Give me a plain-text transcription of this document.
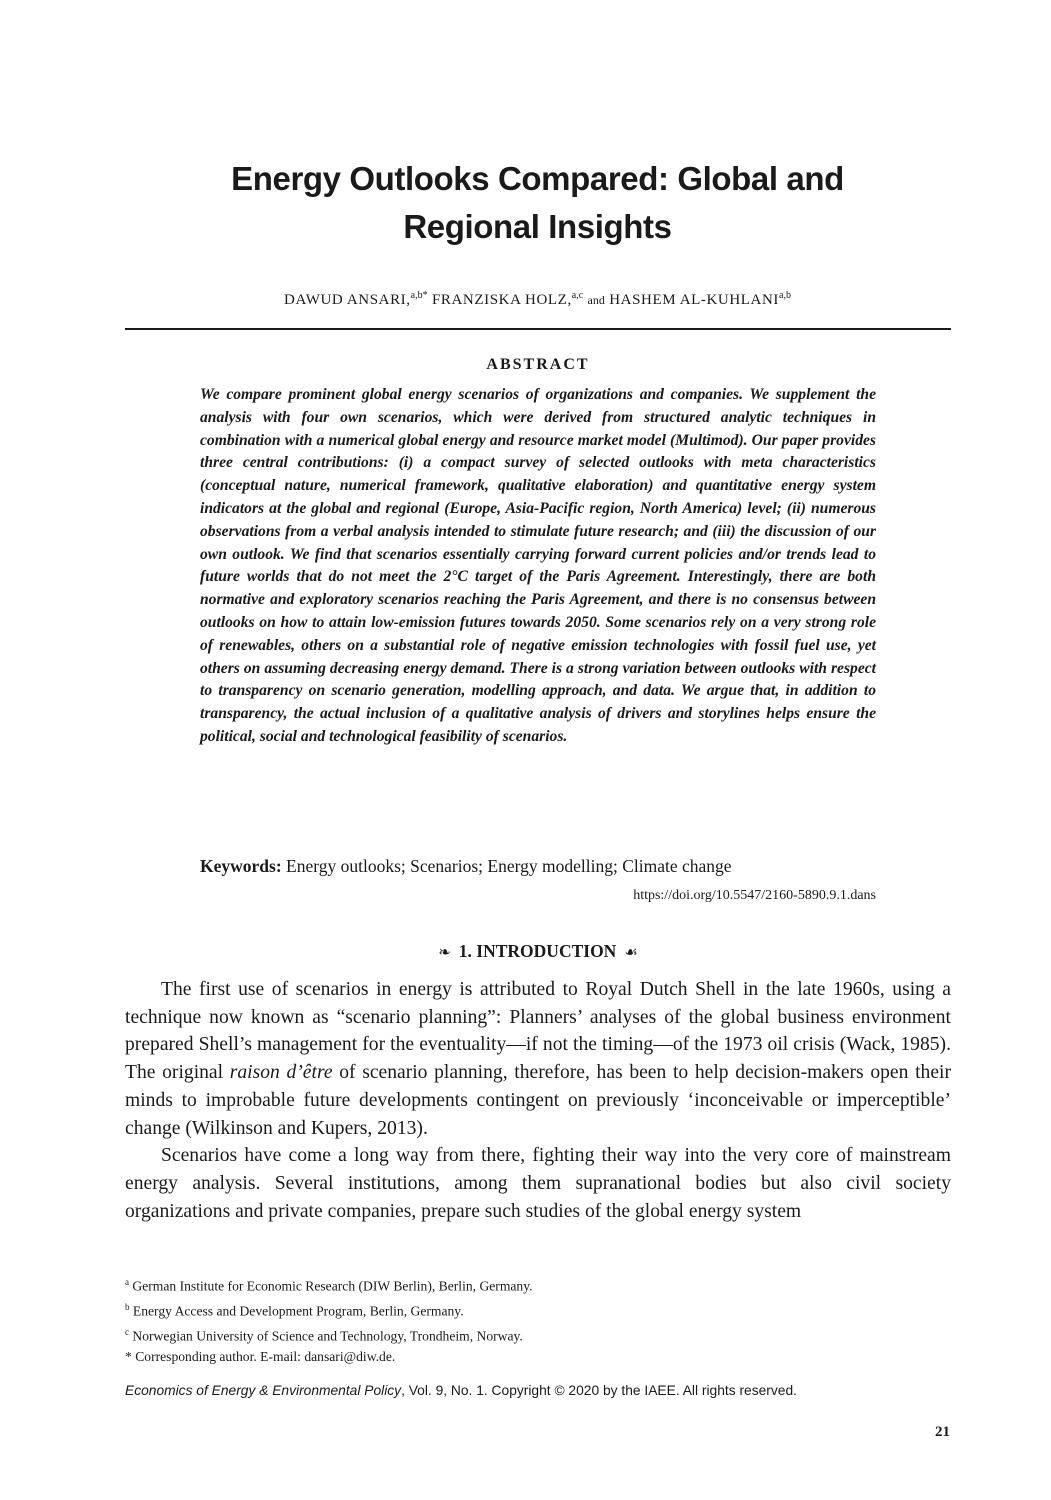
Energy Outlooks Compared: Global and
Regional Insights
DAWUD ANSARI,$^{a,b*}$ FRANZISKA HOLZ,$^{a,c}$ and HASHEM AL-KUHLANI$^{a,b}$
ABSTRACT
We compare prominent global energy scenarios of organizations and companies. We supplement the analysis with four own scenarios, which were derived from structured analytic techniques in combination with a numerical global energy and resource market model (Multimod). Our paper provides three central contributions: (i) a compact survey of selected outlooks with meta characteristics (conceptual nature, numerical framework, qualitative elaboration) and quantitative energy system indicators at the global and regional (Europe, Asia-Pacific region, North America) level; (ii) numerous observations from a verbal analysis intended to stimulate future research; and (iii) the discussion of our own outlook. We find that scenarios essentially carrying forward current policies and/or trends lead to future worlds that do not meet the 2°C target of the Paris Agreement. Interestingly, there are both normative and exploratory scenarios reaching the Paris Agreement, and there is no consensus between outlooks on how to attain low-emission futures towards 2050. Some scenarios rely on a very strong role of renewables, others on a substantial role of negative emission technologies with fossil fuel use, yet others on assuming decreasing energy demand. There is a strong variation between outlooks with respect to transparency on scenario generation, modelling approach, and data. We argue that, in addition to transparency, the actual inclusion of a qualitative analysis of drivers and storylines helps ensure the political, social and technological feasibility of scenarios.
Keywords: Energy outlooks; Scenarios; Energy modelling; Climate change
https://doi.org/10.5547/2160-5890.9.1.dans
❧ 1. INTRODUCTION ☙

The first use of scenarios in energy is attributed to Royal Dutch Shell in the late 1960s, using a technique now known as “scenario planning”: Planners’ analyses of the global business environment prepared Shell’s management for the eventuality—if not the timing—of the 1973 oil crisis (Wack, 1985). The original raison d’être of scenario planning, therefore, has been to help decision-makers open their minds to improbable future developments contingent on previously ‘inconceivable or imperceptible’ change (Wilkinson and Kupers, 2013).

Scenarios have come a long way from there, fighting their way into the very core of mainstream energy analysis. Several institutions, among them supranational bodies but also civil society organizations and private companies, prepare such studies of the global energy system

$^a$ German Institute for Economic Research (DIW Berlin), Berlin, Germany.
$^b$ Energy Access and Development Program, Berlin, Germany.
$^c$ Norwegian University of Science and Technology, Trondheim, Norway.
* Corresponding author. E-mail: dansari@diw.de.
Economics of Energy & Environmental Policy, Vol. 9, No. 1. Copyright © 2020 by the IAEE. All rights reserved.
21
